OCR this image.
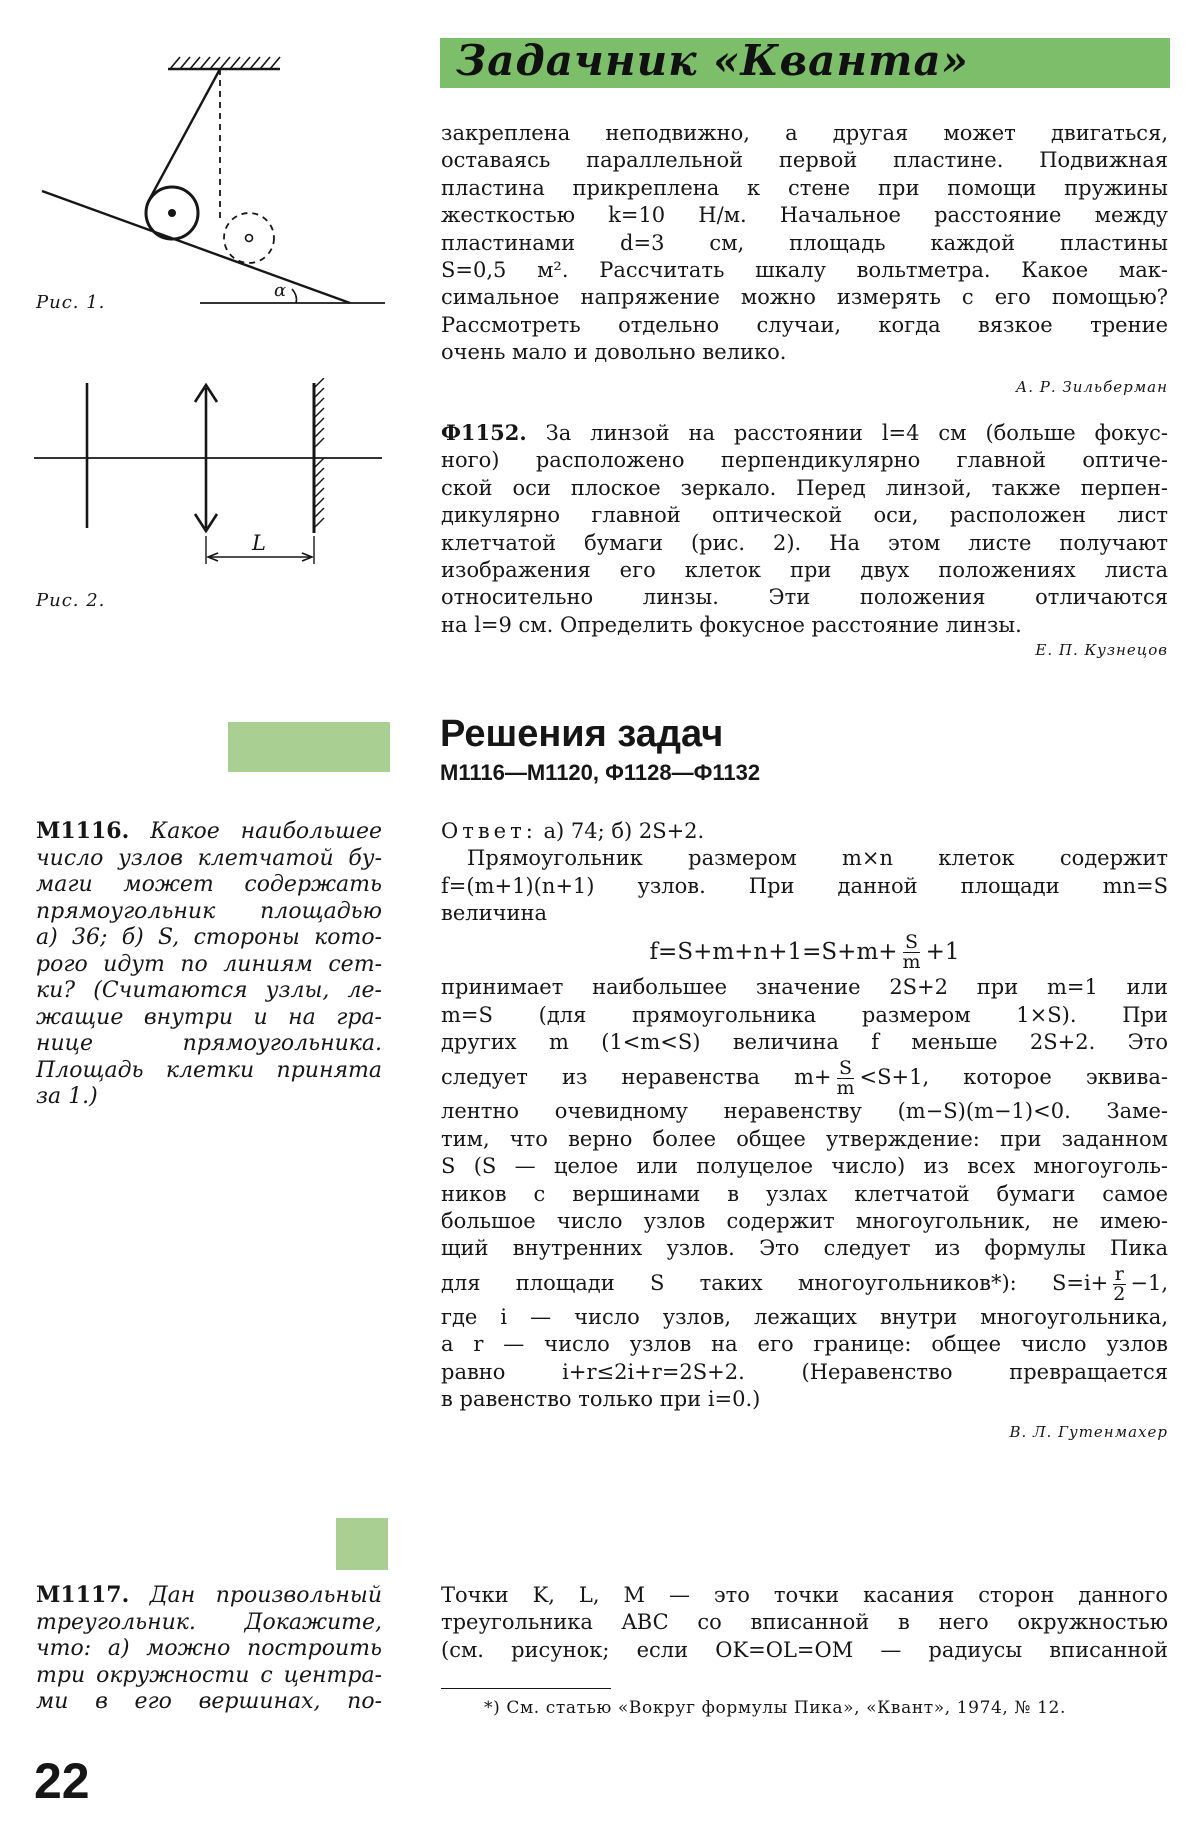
Задачник «Кванта»
α
Рис. 1.
L
Рис. 2.

закреплена неподвижно, а другая может двигаться,

оставаясь параллельной первой пластине. Подвижная

пластина прикреплена к стене при помощи пружины

жесткостью k=10 Н/м. Начальное расстояние между

пластинами d=3 см, площадь каждой пластины

S=0,5 м². Рассчитать шкалу вольтметра. Какое мак-

симальное напряжение можно измерять с его помощью?

Рассмотреть отдельно случаи, когда вязкое трение

очень мало и довольно велико.

А. Р. Зильберман

Ф1152. За линзой на расстоянии l=4 см (больше фокус-

ного) расположено перпендикулярно главной оптиче-

ской оси плоское зеркало. Перед линзой, также перпен-

дикулярно главной оптической оси, расположен лист

клетчатой бумаги (рис. 2). На этом листе получают

изображения его клеток при двух положениях листа

относительно линзы. Эти положения отличаются

на l=9 см. Определить фокусное расстояние линзы.

Е. П. Кузнецов

Решения задач
М1116—М1120, Ф1128—Ф1132

М1116. Какое наибольшее

число узлов клетчатой бу-

маги может содержать

прямоугольник площадью

а) 36; б) S, стороны кото-

рого идут по линиям сет-

ки? (Считаются узлы, ле-

жащие внутри и на гра-

нице прямоугольника.

Площадь клетки принята

за 1.)

Ответ: а) 74; б) 2S+2.

Прямоугольник размером m×n клеток содержит

f=(m+1)(n+1) узлов. При данной площади mn=S

величина

$f=S+m+n+1=S+m+ \frac{S}{m} +1$

принимает наибольшее значение 2S+2 при m=1 или

m=S (для прямоугольника размером 1×S). При

других m (1<m<S) величина f меньше 2S+2. Это

следует из неравенства $m+ \frac{S}{m} <S+1$, которое эквива-

лентно очевидному неравенству (m−S)(m−1)<0. Заме-

тим, что верно более общее утверждение: при заданном

S (S — целое или полуцелое число) из всех многоуголь-

ников с вершинами в узлах клетчатой бумаги самое

большое число узлов содержит многоугольник, не имею-

щий внутренних узлов. Это следует из формулы Пика

для площади S таких многоугольников*): $S=i+ \frac{r}{2} -1$,

где i — число узлов, лежащих внутри многоугольника,

а r — число узлов на его границе: общее число узлов

равно i+r≤2i+r=2S+2. (Неравенство превращается

в равенство только при i=0.)

В. Л. Гутенмахер

М1117. Дан произвольный

треугольник. Докажите,

что: а) можно построить

три окружности с центра-

ми в его вершинах, по-

Точки K, L, M — это точки касания сторон данного

треугольника ABC со вписанной в него окружностью

(см. рисунок; если OK=OL=OM — радиусы вписанной

*) См. статью «Вокруг формулы Пика», «Квант», 1974, № 12.
22
